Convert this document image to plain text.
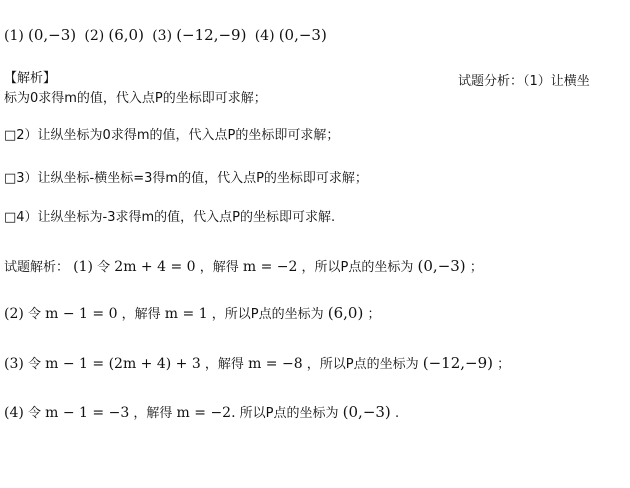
(1) (0,−3) (2) (6,0) (3) (−12,−9) (4) (0,−3)
【解析】	试题分析：（1）让横坐
标为0求得m的值，代入点P的坐标即可求解；
□2）让纵坐标为0求得m的值，代入点P的坐标即可求解；
□3）让纵坐标-横坐标=3得m的值，代入点P的坐标即可求解；
□4）让纵坐标为-3求得m的值，代入点P的坐标即可求解.
试题解析： (1) 令 2m + 4 = 0 ，解得 m = −2 ，所以P点的坐标为 (0,−3) ；
(2) 令 m − 1 = 0 ，解得 m = 1 ，所以P点的坐标为 (6,0) ；
(3) 令 m − 1 = (2m + 4) + 3 ，解得 m = −8 ，所以P点的坐标为 (−12,−9) ；
(4) 令 m − 1 = −3 ，解得 m = −2. 所以P点的坐标为 (0,−3) .
